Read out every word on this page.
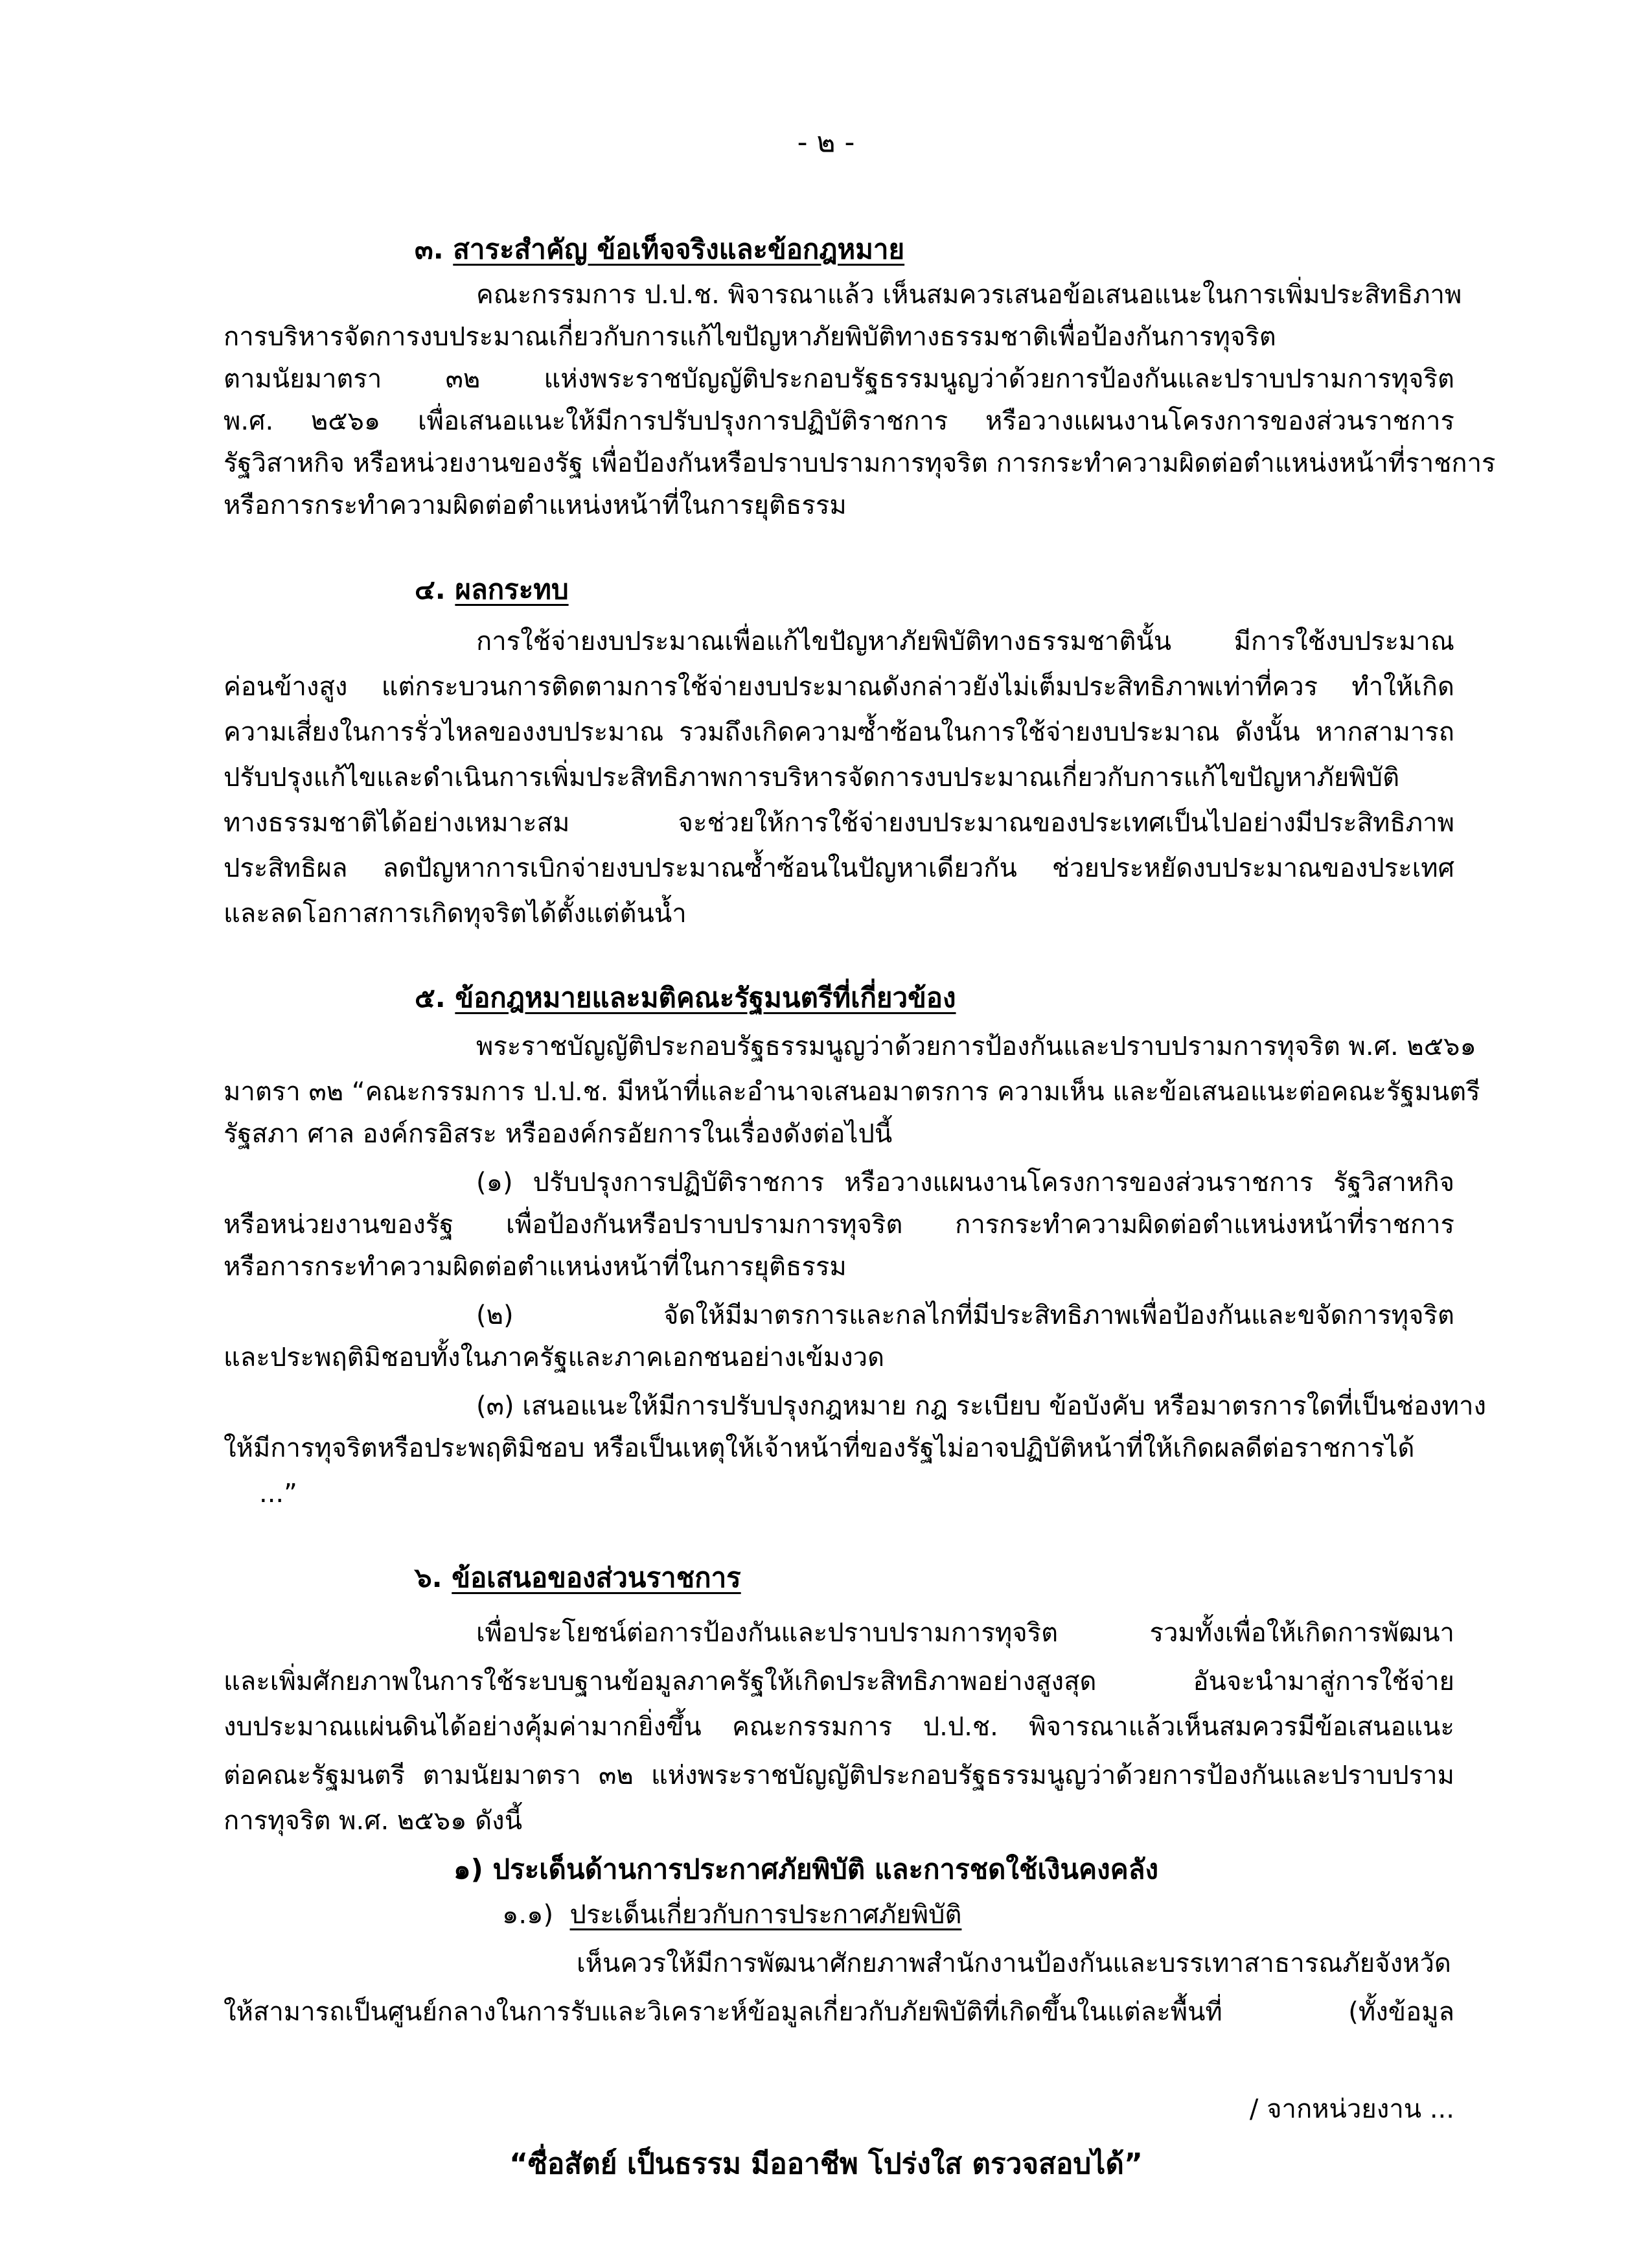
- ๒ -
๓. สาระสำคัญ ข้อเท็จจริงและข้อกฎหมาย
คณะกรรมการ ป.ป.ช. พิจารณาแล้ว เห็นสมควรเสนอข้อเสนอแนะในการเพิ่มประสิทธิภาพ
การบริหารจัดการงบประมาณเกี่ยวกับการแก้ไขปัญหาภัยพิบัติทางธรรมชาติเพื่อป้องกันการทุจริต
ตามนัยมาตรา ๓๒ แห่งพระราชบัญญัติประกอบรัฐธรรมนูญว่าด้วยการป้องกันและปราบปรามการทุจริต
พ.ศ. ๒๕๖๑ เพื่อเสนอแนะให้มีการปรับปรุงการปฏิบัติราชการ หรือวางแผนงานโครงการของส่วนราชการ
รัฐวิสาหกิจ หรือหน่วยงานของรัฐ เพื่อป้องกันหรือปราบปรามการทุจริต การกระทำความผิดต่อตำแหน่งหน้าที่ราชการ
หรือการกระทำความผิดต่อตำแหน่งหน้าที่ในการยุติธรรม
๔. ผลกระทบ
การใช้จ่ายงบประมาณเพื่อแก้ไขปัญหาภัยพิบัติทางธรรมชาตินั้น มีการใช้งบประมาณ
ค่อนข้างสูง แต่กระบวนการติดตามการใช้จ่ายงบประมาณดังกล่าวยังไม่เต็มประสิทธิภาพเท่าที่ควร ทำให้เกิด
ความเสี่ยงในการรั่วไหลของงบประมาณ รวมถึงเกิดความซ้ำซ้อนในการใช้จ่ายงบประมาณ ดังนั้น หากสามารถ
ปรับปรุงแก้ไขและดำเนินการเพิ่มประสิทธิภาพการบริหารจัดการงบประมาณเกี่ยวกับการแก้ไขปัญหาภัยพิบัติ
ทางธรรมชาติได้อย่างเหมาะสม จะช่วยให้การใช้จ่ายงบประมาณของประเทศเป็นไปอย่างมีประสิทธิภาพ
ประสิทธิผล ลดปัญหาการเบิกจ่ายงบประมาณซ้ำซ้อนในปัญหาเดียวกัน ช่วยประหยัดงบประมาณของประเทศ
และลดโอกาสการเกิดทุจริตได้ตั้งแต่ต้นน้ำ
๕. ข้อกฎหมายและมติคณะรัฐมนตรีที่เกี่ยวข้อง
พระราชบัญญัติประกอบรัฐธรรมนูญว่าด้วยการป้องกันและปราบปรามการทุจริต พ.ศ. ๒๕๖๑
มาตรา ๓๒ “คณะกรรมการ ป.ป.ช. มีหน้าที่และอำนาจเสนอมาตรการ ความเห็น และข้อเสนอแนะต่อคณะรัฐมนตรี
รัฐสภา ศาล องค์กรอิสระ หรือองค์กรอัยการในเรื่องดังต่อไปนี้
(๑) ปรับปรุงการปฏิบัติราชการ หรือวางแผนงานโครงการของส่วนราชการ รัฐวิสาหกิจ
หรือหน่วยงานของรัฐ เพื่อป้องกันหรือปราบปรามการทุจริต การกระทำความผิดต่อตำแหน่งหน้าที่ราชการ
หรือการกระทำความผิดต่อตำแหน่งหน้าที่ในการยุติธรรม
(๒) จัดให้มีมาตรการและกลไกที่มีประสิทธิภาพเพื่อป้องกันและขจัดการทุจริต
และประพฤติมิชอบทั้งในภาครัฐและภาคเอกชนอย่างเข้มงวด
(๓) เสนอแนะให้มีการปรับปรุงกฎหมาย กฎ ระเบียบ ข้อบังคับ หรือมาตรการใดที่เป็นช่องทาง
ให้มีการทุจริตหรือประพฤติมิชอบ หรือเป็นเหตุให้เจ้าหน้าที่ของรัฐไม่อาจปฏิบัติหน้าที่ให้เกิดผลดีต่อราชการได้
...”
๖. ข้อเสนอของส่วนราชการ
เพื่อประโยชน์ต่อการป้องกันและปราบปรามการทุจริต รวมทั้งเพื่อให้เกิดการพัฒนา
และเพิ่มศักยภาพในการใช้ระบบฐานข้อมูลภาครัฐให้เกิดประสิทธิภาพอย่างสูงสุด อันจะนำมาสู่การใช้จ่าย
งบประมาณแผ่นดินได้อย่างคุ้มค่ามากยิ่งขึ้น คณะกรรมการ ป.ป.ช. พิจารณาแล้วเห็นสมควรมีข้อเสนอแนะ
ต่อคณะรัฐมนตรี ตามนัยมาตรา ๓๒ แห่งพระราชบัญญัติประกอบรัฐธรรมนูญว่าด้วยการป้องกันและปราบปราม
การทุจริต พ.ศ. ๒๕๖๑ ดังนี้
๑) ประเด็นด้านการประกาศภัยพิบัติ และการชดใช้เงินคงคลัง
๑.๑) ประเด็นเกี่ยวกับการประกาศภัยพิบัติ
เห็นควรให้มีการพัฒนาศักยภาพสำนักงานป้องกันและบรรเทาสาธารณภัยจังหวัด
ให้สามารถเป็นศูนย์กลางในการรับและวิเคราะห์ข้อมูลเกี่ยวกับภัยพิบัติที่เกิดขึ้นในแต่ละพื้นที่ (ทั้งข้อมูล
/ จากหน่วยงาน ...
“ซื่อสัตย์ เป็นธรรม มีออาชีพ โปร่งใส ตรวจสอบได้”
